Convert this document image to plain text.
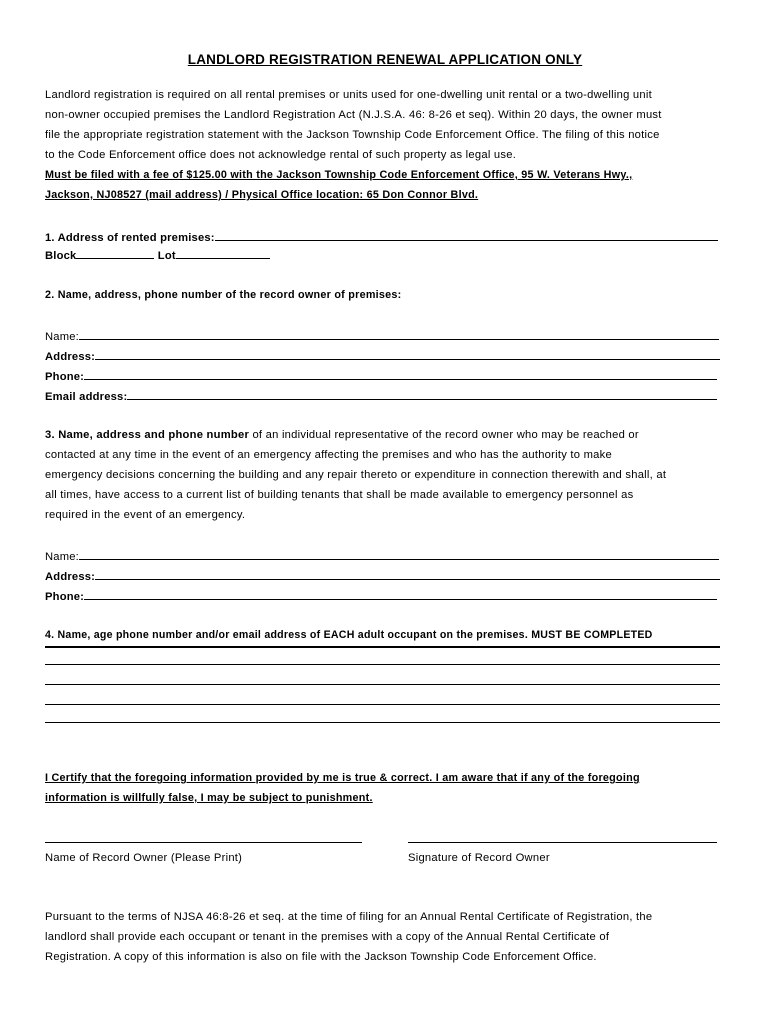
LANDLORD REGISTRATION RENEWAL APPLICATION ONLY
Landlord registration is required on all rental premises or units used for one-dwelling unit rental or a two-dwelling unit
non-owner occupied premises the Landlord Registration Act (N.J.S.A. 46: 8-26 et seq). Within 20 days, the owner must
file the appropriate registration statement with the Jackson Township Code Enforcement Office. The filing of this notice
to the Code Enforcement office does not acknowledge rental of such property as legal use.
Must be filed with a fee of $125.00 with the Jackson Township Code Enforcement Office, 95 W. Veterans Hwy.,
Jackson, NJ08527 (mail address) / Physical Office location: 65 Don Connor Blvd.
1. Address of rented premises:
Block	Lot
2. Name, address, phone number of the record owner of premises:
Name:
Address:
Phone:
Email address:
3. Name, address and phone number of an individual representative of the record owner who may be reached or
contacted at any time in the event of an emergency affecting the premises and who has the authority to make
emergency decisions concerning the building and any repair thereto or expenditure in connection therewith and shall, at
all times, have access to a current list of building tenants that shall be made available to emergency personnel as
required in the event of an emergency.
Name:
Address:
Phone:
4. Name, age phone number and/or email address of EACH adult occupant on the premises. MUST BE COMPLETED
I Certify that the foregoing information provided by me is true & correct. I am aware that if any of the foregoing
information is willfully false, I may be subject to punishment.
Name of Record Owner (Please Print)	Signature of Record Owner
Pursuant to the terms of NJSA 46:8-26 et seq. at the time of filing for an Annual Rental Certificate of Registration, the
landlord shall provide each occupant or tenant in the premises with a copy of the Annual Rental Certificate of
Registration. A copy of this information is also on file with the Jackson Township Code Enforcement Office.
